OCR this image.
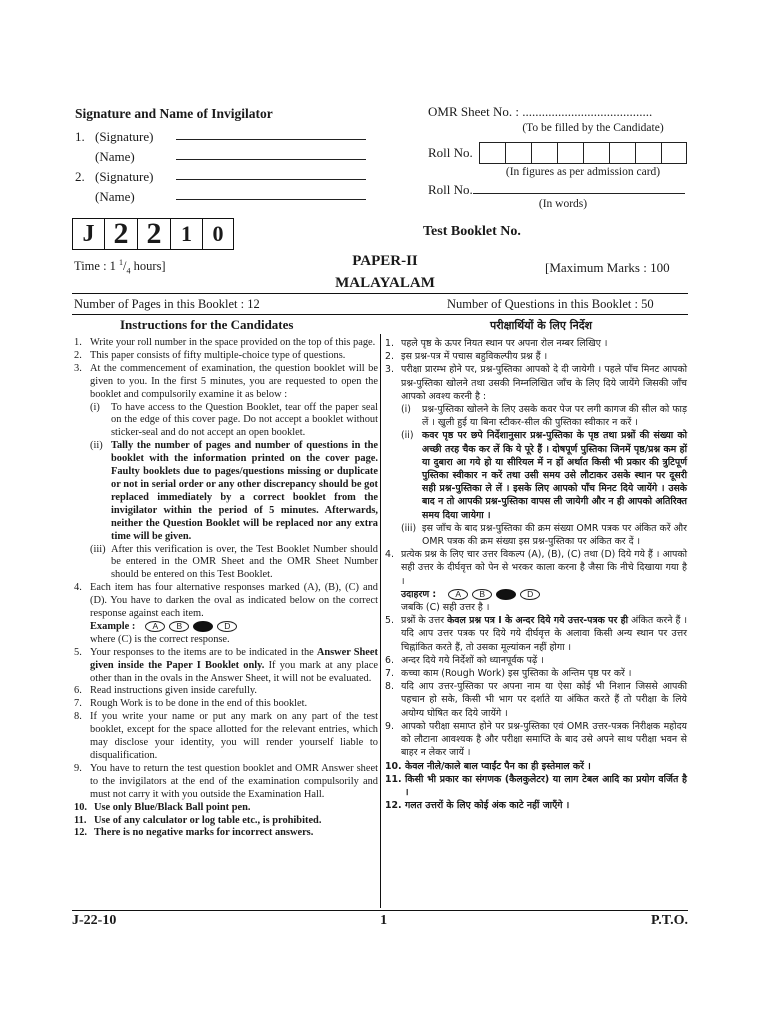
Signature and Name of Invigilator
1. (Signature)
(Name)
2. (Signature)
(Name)
OMR Sheet No. : ........................................
(To be filled by the Candidate)
Roll No.
(In figures as per admission card)
Roll No.
(In words)
J 2 2 1 0	Test Booklet No.
Time : 1 $^1/_4$ hours]	PAPER-II
MALAYALAM
[Maximum Marks : 100
Number of Pages in this Booklet : 12	Number of Questions in this Booklet : 50
Instructions for the Candidates	परीक्षार्थियों के लिए निर्देश
1. Write your roll number in the space provided on the top of this page.
2. This paper consists of fifty multiple-choice type of questions.
3. At the commencement of examination, the question booklet will be given to you. In the first 5 minutes, you are requested to open the booklet and compulsorily examine it as below :
(i)	To have access to the Question Booklet, tear off the paper seal on the edge of this cover page. Do not accept a booklet without sticker-seal and do not accept an open booklet.
(ii) Tally the number of pages and number of questions in the booklet with the information printed on the cover page. Faulty booklets due to pages/questions missing or duplicate or not in serial order or any other discrepancy should be got replaced immediately by a correct booklet from the invigilator within the period of 5 minutes. Afterwards, neither the Question Booklet will be replaced nor any extra time will be given.
(iii) After this verification is over, the Test Booklet Number should be entered in the OMR Sheet and the OMR Sheet Number should be entered on this Test Booklet.
4. Each item has four alternative responses marked (A), (B), (C) and (D). You have to darken the oval as indicated below on the correct response against each item.
Example :	A B	D
where (C) is the correct response.
5. Your responses to the items are to be indicated in the Answer Sheet given inside the Paper I Booklet only. If you mark at any place other than in the ovals in the Answer Sheet, it will not be evaluated.
6. Read instructions given inside carefully.
7. Rough Work is to be done in the end of this booklet.
8. If you write your name or put any mark on any part of the test booklet, except for the space allotted for the relevant entries, which may disclose your identity, you will render yourself liable to disqualification.
9. You have to return the test question booklet and OMR Answer sheet to the invigilators at the end of the examination compulsorily and must not carry it with you outside the Examination Hall.
10. Use only Blue/Black Ball point pen.
11. Use of any calculator or log table etc., is prohibited.
12. There is no negative marks for incorrect answers.
1. पहले पृष्ठ के ऊपर नियत स्थान पर अपना रोल नम्बर लिखिए ।
2. इस प्रश्न-पत्र में पचास बहुविकल्पीय प्रश्न हैं ।
3. परीक्षा प्रारम्भ होने पर, प्रश्न-पुस्तिका आपको दे दी जायेगी । पहले पाँच मिनट आपको प्रश्न-पुस्तिका खोलने तथा उसकी निम्नलिखित जाँच के लिए दिये जायेंगे जिसकी जाँच आपको अवश्य करनी है :
(i)	प्रश्न-पुस्तिका खोलने के लिए उसके कवर पेज पर लगी कागज की सील को फाड़ लें । खुली हुई या बिना स्टीकर-सील की पुस्तिका स्वीकार न करें ।
(ii) कवर पृष्ठ पर छपे निर्देशानुसार प्रश्न-पुस्तिका के पृष्ठ तथा प्रश्नों की संख्या को अच्छी तरह चैक कर लें कि ये पूरे हैं । दोषपूर्ण पुस्तिका जिनमें पृष्ठ/प्रश्न कम हों या दुबारा आ गये हो या सीरियल में न हों अर्थात किसी भी प्रकार की त्रुटिपूर्ण पुस्तिका स्वीकार न करें तथा उसी समय उसे लौटाकर उसके स्थान पर दूसरी सही प्रश्न-पुस्तिका ले लें । इसके लिए आपको पाँच मिनट दिये जायेंगे । उसके बाद न तो आपकी प्रश्न-पुस्तिका वापस ली जायेगी और न ही आपको अतिरिक्त समय दिया जायेगा ।
(iii) इस जाँच के बाद प्रश्न-पुस्तिका की क्रम संख्या OMR पत्रक पर अंकित करें और OMR पत्रक की क्रम संख्या इस प्रश्न-पुस्तिका पर अंकित कर दें ।
4. प्रत्येक प्रश्न के लिए चार उत्तर विकल्प (A), (B), (C) तथा (D) दिये गये हैं । आपको सही उत्तर के दीर्घवृत्त को पेन से भरकर काला करना है जैसा कि नीचे दिखाया गया है ।
उदाहरण :	A B	D
जबकि (C) सही उत्तर है ।
5. प्रश्नों के उत्तर केवल प्रश्न पत्र I के अन्दर दिये गये उत्तर-पत्रक पर ही अंकित करने हैं । यदि आप उत्तर पत्रक पर दिये गये दीर्घवृत्त के अलावा किसी अन्य स्थान पर उत्तर चिह्नांकित करते हैं, तो उसका मूल्यांकन नहीं होगा ।
6. अन्दर दिये गये निर्देशों को ध्यानपूर्वक पढ़ें ।
7. कच्चा काम (Rough Work) इस पुस्तिका के अन्तिम पृष्ठ पर करें ।
8. यदि आप उत्तर-पुस्तिका पर अपना नाम या ऐसा कोई भी निशान जिससे आपकी पहचान हो सके, किसी भी भाग पर दर्शाते या अंकित करते हैं तो परीक्षा के लिये अयोग्य घोषित कर दिये जायेंगे ।
9. आपको परीक्षा समाप्त होने पर प्रश्न-पुस्तिका एवं OMR उत्तर-पत्रक निरीक्षक महोदय को लौटाना आवश्यक है और परीक्षा समाप्ति के बाद उसे अपने साथ परीक्षा भवन से बाहर न लेकर जायें ।
10. केवल नीले/काले बाल प्वाईंट पैन का ही इस्तेमाल करें ।
11. किसी भी प्रकार का संगणक (कैलकुलेटर) या लाग टेबल आदि का प्रयोग वर्जित है ।
12. गलत उत्तरों के लिए कोई अंक काटे नहीं जाएँगे ।
J-22-10	1	P.T.O.
